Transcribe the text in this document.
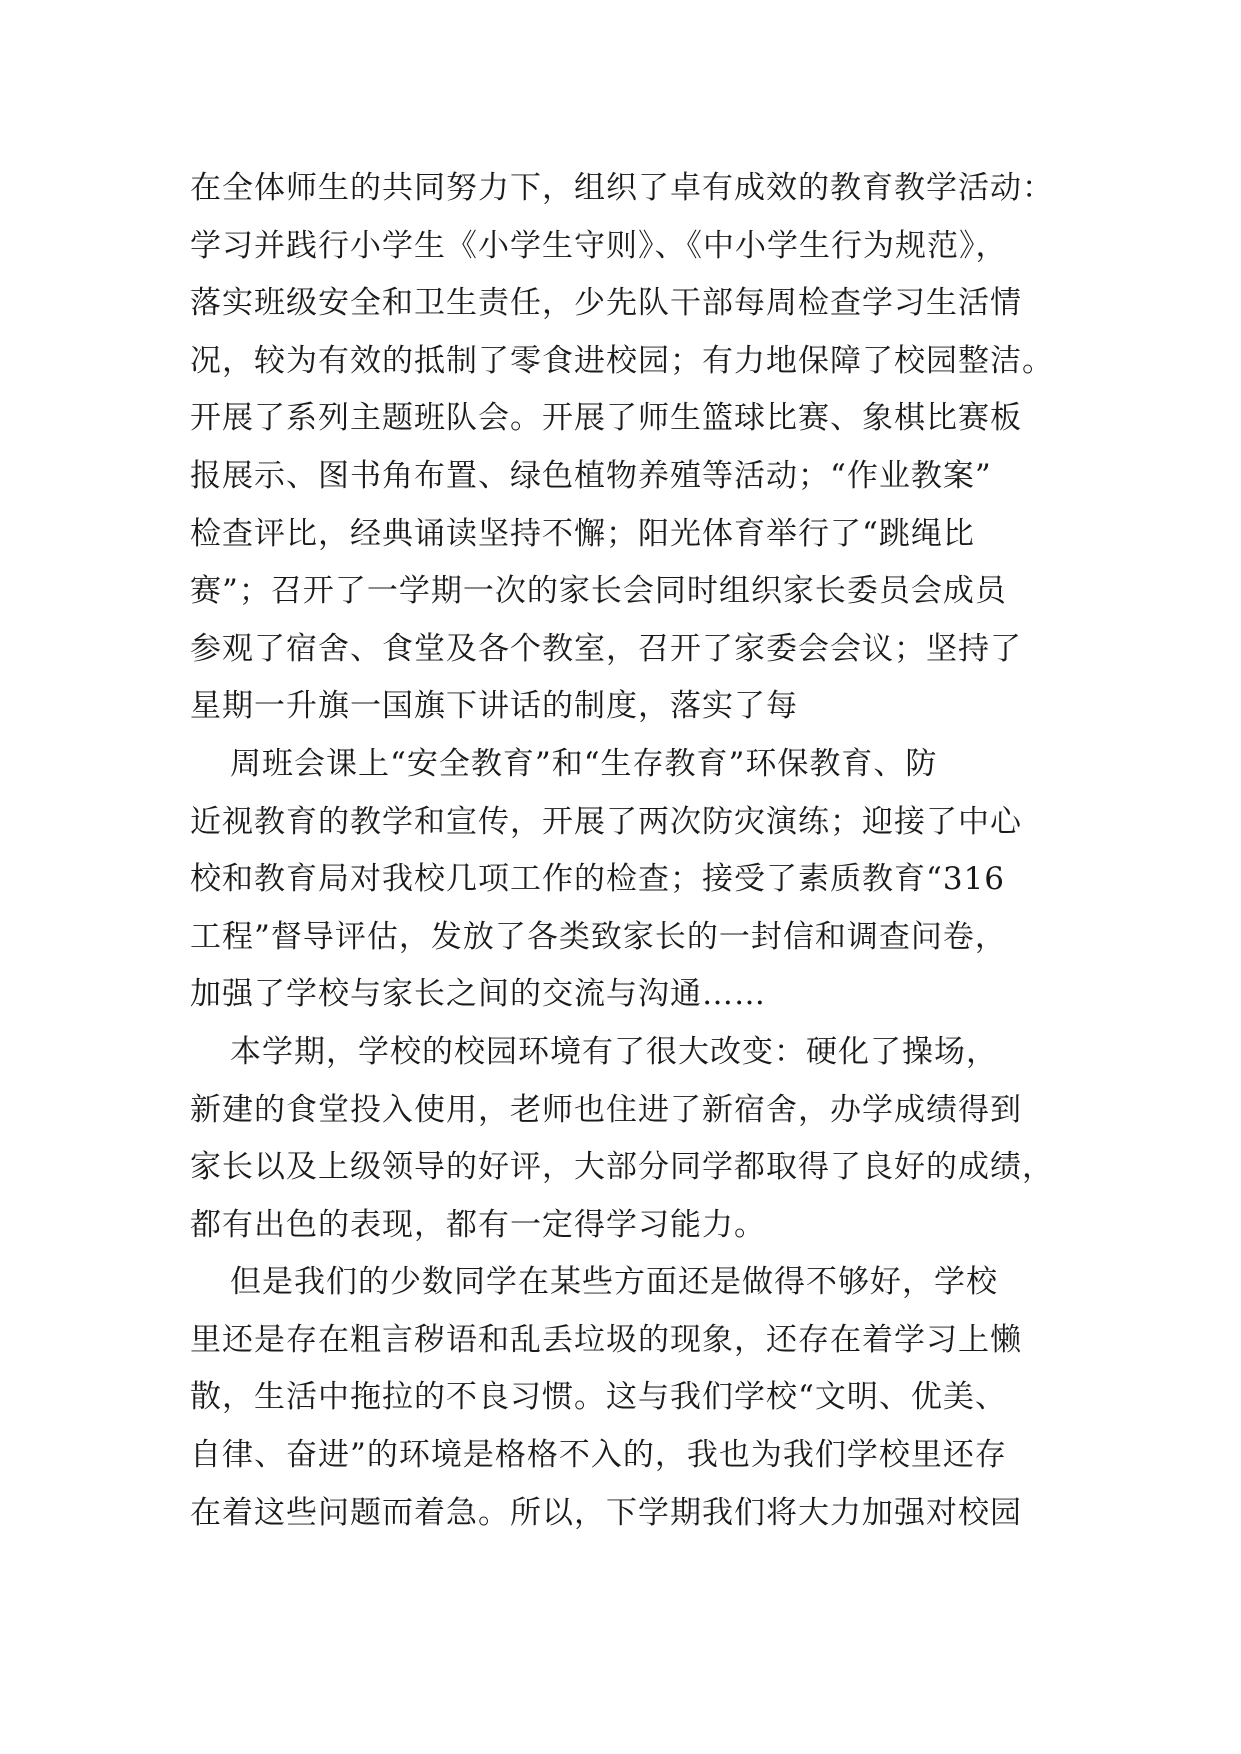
在全体师生的共同努力下，组织了卓有成效的教育教学活动：
学习并践行小学生《小学生守则》、《中小学生行为规范》，
落实班级安全和卫生责任，少先队干部每周检查学习生活情
况，较为有效的抵制了零食进校园；有力地保障了校园整洁。
开展了系列主题班队会。开展了师生篮球比赛、象棋比赛板
报展示、图书角布置、绿色植物养殖等活动；“作业教案”
检查评比，经典诵读坚持不懈；阳光体育举行了“跳绳比
赛”；召开了一学期一次的家长会同时组织家长委员会成员
参观了宿舍、食堂及各个教室，召开了家委会会议；坚持了
星期一升旗一国旗下讲话的制度，落实了每
周班会课上“安全教育”和“生存教育”环保教育、防
近视教育的教学和宣传，开展了两次防灾演练；迎接了中心
校和教育局对我校几项工作的检查；接受了素质教育“316
工程”督导评估，发放了各类致家长的一封信和调查问卷，
加强了学校与家长之间的交流与沟通……
本学期，学校的校园环境有了很大改变：硬化了操场，
新建的食堂投入使用，老师也住进了新宿舍，办学成绩得到
家长以及上级领导的好评，大部分同学都取得了良好的成绩，
都有出色的表现，都有一定得学习能力。
但是我们的少数同学在某些方面还是做得不够好，学校
里还是存在粗言秽语和乱丢垃圾的现象，还存在着学习上懒
散，生活中拖拉的不良习惯。这与我们学校“文明、优美、
自律、奋进”的环境是格格不入的，我也为我们学校里还存
在着这些问题而着急。所以，下学期我们将大力加强对校园
